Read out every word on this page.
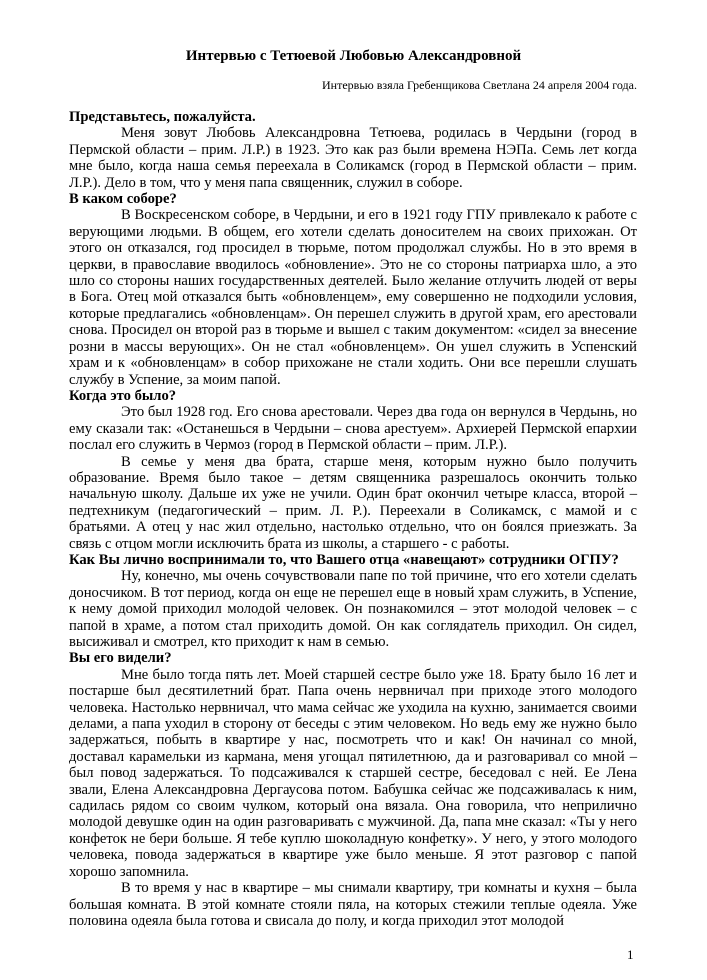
Интервью с Тетюевой Любовью Александровной
Интервью взяла Гребенщикова Светлана 24 апреля 2004 года.

Представьтесь, пожалуйста.

Меня зовут Любовь Александровна Тетюева, родилась в Чердыни (город в Пермской области – прим. Л.Р.) в 1923. Это как раз были времена НЭПа. Семь лет когда мне было, когда наша семья переехала в Соликамск (город в Пермской области – прим. Л.Р.). Дело в том, что у меня папа священник, служил в соборе.

В каком соборе?

В Воскресенском соборе, в Чердыни, и его в 1921 году ГПУ привлекало к работе с верующими людьми. В общем, его хотели сделать доносителем на своих прихожан. От этого он отказался, год просидел в тюрьме, потом продолжал службы. Но в это время в церкви, в православие вводилось «обновление». Это не со стороны патриарха шло, а это шло со стороны наших государственных деятелей. Было желание отлучить людей от веры в Бога. Отец мой отказался быть «обновленцем», ему совершенно не подходили условия, которые предлагались «обновленцам». Он перешел служить в другой храм, его арестовали снова. Просидел он второй раз в тюрьме и вышел с таким документом: «сидел за внесение розни в массы верующих». Он не стал «обновленцем». Он ушел служить в Успенский храм и к «обновленцам» в собор прихожане не стали ходить. Они все перешли слушать службу в Успение, за моим папой.

Когда это было?

Это был 1928 год. Его снова арестовали. Через два года он вернулся в Чердынь, но ему сказали так: «Останешься в Чердыни – снова арестуем». Архиерей Пермской епархии послал его служить в Чермоз (город в Пермской области – прим. Л.Р.).

В семье у меня два брата, старше меня, которым нужно было получить образование. Время было такое – детям священника разрешалось окончить только начальную школу. Дальше их уже не учили. Один брат окончил четыре класса, второй – педтехникум (педагогический – прим. Л. Р.). Переехали в Соликамск, с мамой и с братьями. А отец у нас жил отдельно, настолько отдельно, что он боялся приезжать. За связь с отцом могли исключить брата из школы, а старшего - с работы.

Как Вы лично воспринимали то, что Вашего отца «навещают» сотрудники ОГПУ?

Ну, конечно, мы очень сочувствовали папе по той причине, что его хотели сделать доносчиком. В тот период, когда он еще не перешел еще в новый храм служить, в Успение, к нему домой приходил молодой человек. Он познакомился – этот молодой человек – с папой в храме, а потом стал приходить домой. Он как соглядатель приходил. Он сидел, высиживал и смотрел, кто приходит к нам в семью.

Вы его видели?

Мне было тогда пять лет. Моей старшей сестре было уже 18. Брату было 16 лет и постарше был десятилетний брат. Папа очень нервничал при приходе этого молодого человека. Настолько нервничал, что мама сейчас же уходила на кухню, занимается своими делами, а папа уходил в сторону от беседы с этим человеком. Но ведь ему же нужно было задержаться, побыть в квартире у нас, посмотреть что и как! Он начинал со мной, доставал карамельки из кармана, меня угощал пятилетнюю, да и разговаривал со мной – был повод задержаться. То подсаживался к старшей сестре, беседовал с ней. Ее Лена звали, Елена Александровна Дергаусова потом. Бабушка сейчас же подсаживалась к ним, садилась рядом со своим чулком, который она вязала. Она говорила, что неприлично молодой девушке один на один разговаривать с мужчиной. Да, папа мне сказал: «Ты у него конфеток не бери больше. Я тебе куплю шоколадную конфетку». У него, у этого молодого человека, повода задержаться в квартире уже было меньше. Я этот разговор с папой хорошо запомнила.

В то время у нас в квартире – мы снимали квартиру, три комнаты и кухня – была большая комната. В этой комнате стояли пяла, на которых стежили теплые одеяла. Уже половина одеяла была готова и свисала до полу, и когда приходил этот молодой

1
